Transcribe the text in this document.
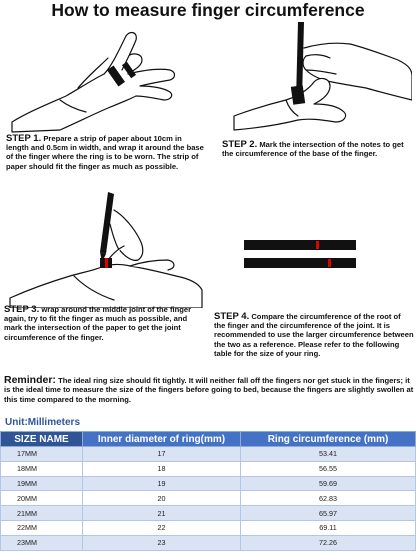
How to measure finger circumference
STEP 1. Prepare a strip of paper about 10cm in length and 0.5cm in width, and wrap it around the base of the finger where the ring is to be worn. The strip of paper should fit the finger as much as possible.
STEP 2. Mark the intersection of the notes to get the circumference of the base of the finger.
STEP 3. wrap around the middle joint of the finger again, try to fit the finger as much as possible, and mark the intersection of the paper to get the joint circumference of the finger.
STEP 4. Compare the circumference of the root of the finger and the circumference of the joint. It is recommended to use the larger circumference between the two as a reference. Please refer to the following table for the size of your ring.
Reminder: The ideal ring size should fit tightly. It will neither fall off the fingers nor get stuck in the fingers; it is the ideal time to measure the size of the fingers before going to bed, because the fingers are slightly swollen at this time compared to the morning.
Unit:Millimeters
SIZE NAME	Inner diameter of ring(mm)	Ring circumference (mm)
17MM	17	53.41
18MM	18	56.55
19MM	19	59.69
20MM	20	62.83
21MM	21	65.97
22MM	22	69.11
23MM	23	72.26
